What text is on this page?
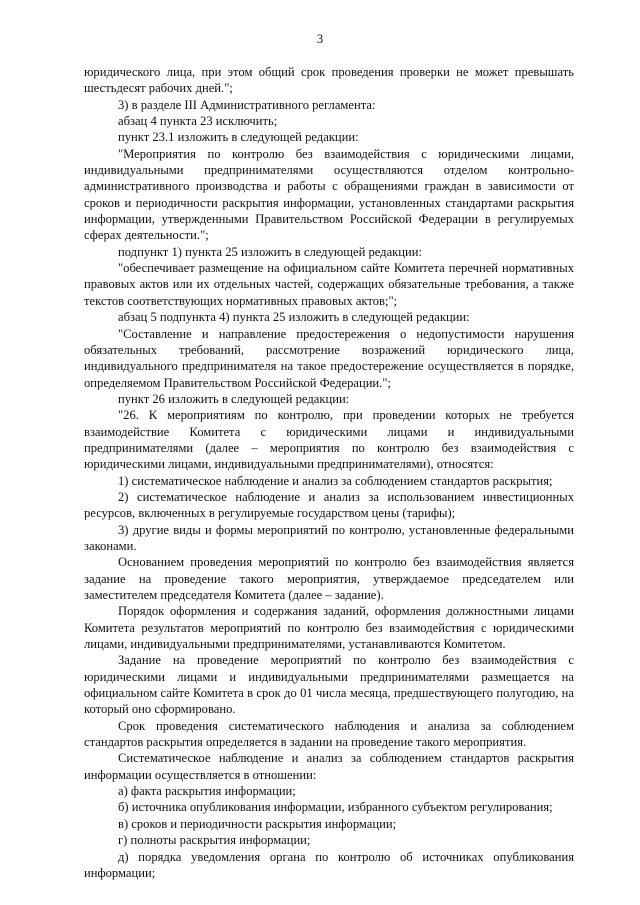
3

юридического лица, при этом общий срок проведения проверки не может превышать шестьдесят рабочих дней.";

3) в разделе III Административного регламента:

абзац 4 пункта 23 исключить;

пункт 23.1 изложить в следующей редакции:

"Мероприятия по контролю без взаимодействия с юридическими лицами, индивидуальными предпринимателями осуществляются отделом контрольно-административного производства и работы с обращениями граждан в зависимости от сроков и периодичности раскрытия информации, установленных стандартами раскрытия информации, утвержденными Правительством Российской Федерации в регулируемых сферах деятельности.";

подпункт 1) пункта 25 изложить в следующей редакции:

"обеспечивает размещение на официальном сайте Комитета перечней нормативных правовых актов или их отдельных частей, содержащих обязательные требования, а также текстов соответствующих нормативных правовых актов;";

абзац 5 подпункта 4) пункта 25 изложить в следующей редакции:

"Составление и направление предостережения о недопустимости нарушения обязательных требований, рассмотрение возражений юридического лица, индивидуального предпринимателя на такое предостережение осуществляется в порядке, определяемом Правительством Российской Федерации.";

пункт 26 изложить в следующей редакции:

"26. К мероприятиям по контролю, при проведении которых не требуется взаимодействие Комитета с юридическими лицами и индивидуальными предпринимателями (далее – мероприятия по контролю без взаимодействия с юридическими лицами, индивидуальными предпринимателями), относятся:

1) систематическое наблюдение и анализ за соблюдением стандартов раскрытия;

2) систематическое наблюдение и анализ за использованием инвестиционных ресурсов, включенных в регулируемые государством цены (тарифы);

3) другие виды и формы мероприятий по контролю, установленные федеральными законами.

Основанием проведения мероприятий по контролю без взаимодействия является задание на проведение такого мероприятия, утверждаемое председателем или заместителем председателя Комитета (далее – задание).

Порядок оформления и содержания заданий, оформления должностными лицами Комитета результатов мероприятий по контролю без взаимодействия с юридическими лицами, индивидуальными предпринимателями, устанавливаются Комитетом.

Задание на проведение мероприятий по контролю без взаимодействия с юридическими лицами и индивидуальными предпринимателями размещается на официальном сайте Комитета в срок до 01 числа месяца, предшествующего полугодию, на который оно сформировано.

Срок проведения систематического наблюдения и анализа за соблюдением стандартов раскрытия определяется в задании на проведение такого мероприятия.

Систематическое наблюдение и анализ за соблюдением стандартов раскрытия информации осуществляется в отношении:

а) факта раскрытия информации;

б) источника опубликования информации, избранного субъектом регулирования;

в) сроков и периодичности раскрытия информации;

г) полноты раскрытия информации;

д) порядка уведомления органа по контролю об источниках опубликования информации;
